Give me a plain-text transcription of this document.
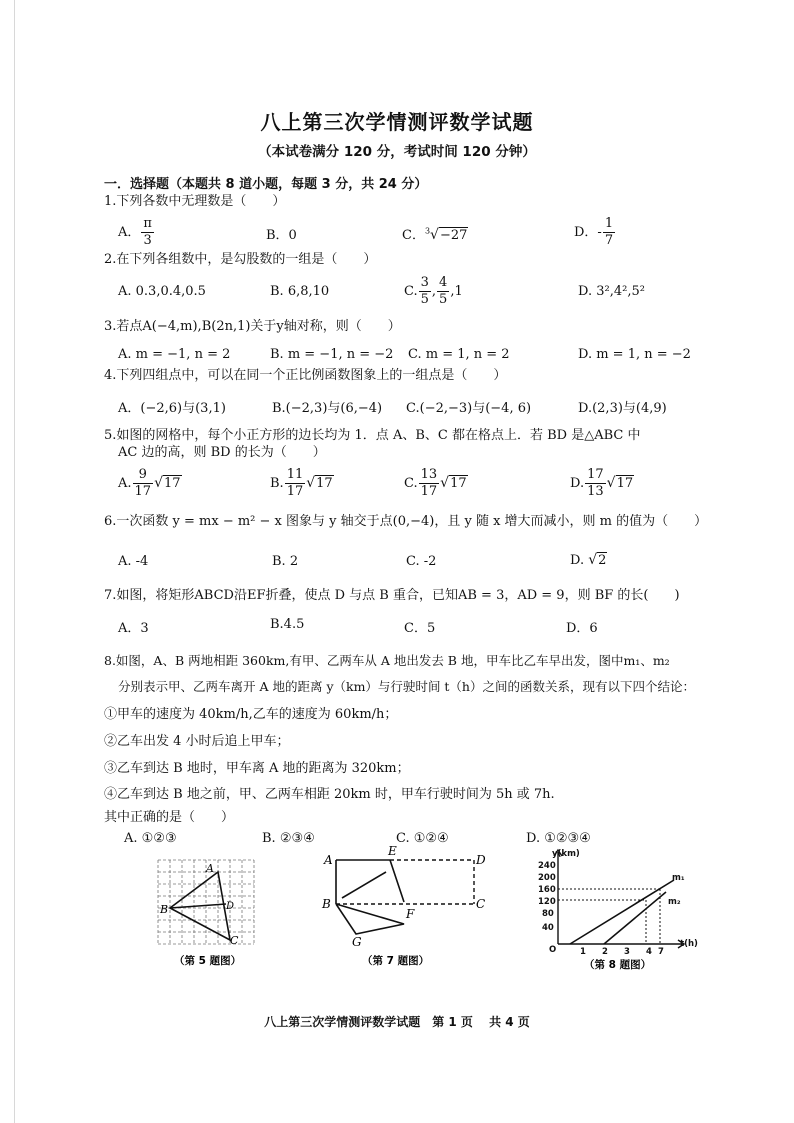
八上第三次学情测评数学试题
（本试卷满分 120 分，考试时间 120 分钟）
一．选择题（本题共 8 道小题，每题 3 分，共 24 分）
1.下列各数中无理数是（　　）
A． $\frac{\pi}{3}$	B．0	C．$^3$√−27	D．- $\frac{1}{7}$
2.在下列各组数中，是勾股数的一组是（　　）
A. 0.3,0.4,0.5	B. 6,8,10	C. $\frac{3}{5}$ , $\frac{4}{5} ,1$	D. 3²,4²,5²
3.若点A(−4,m),B(2n,1)关于y轴对称，则（　　）
A. m = −1, n = 2	B. m = −1, n = −2 C. m = 1, n = 2	D. m = 1, n = −2
4.下列四组点中，可以在同一个正比例函数图象上的一组点是（　　）
A．(−2,6)与(3,1)	B.(−2,3)与(6,−4) C.(−2,−3)与(−4, 6)	D.(2,3)与(4,9)
5.如图的网格中，每个小正方形的边长均为 1．点 A、B、C 都在格点上．若 BD 是△ABC 中
AC 边的高，则 BD 的长为（　　）
A. $\frac{9}{17} √17$	B. $\frac{11}{17} √17$	C. $\frac{13}{17} √17$	D. $\frac{17}{13} √17$
6.一次函数 y = mx − m² − x 图象与 y 轴交于点(0,−4)，且 y 随 x 增大而减小，则 m 的值为（　　）
A. -4	B. 2	C. -2	D. √2
7.如图，将矩形ABCD沿EF折叠，使点 D 与点 B 重合，已知AB = 3，AD = 9，则 BF 的长(　　)
A．3	B.4.5	C．5	D．6
8.如图，A、B 两地相距 360km,有甲、乙两车从 A 地出发去 B 地，甲车比乙车早出发，图中m₁、m₂
分别表示甲、乙两车离开 A 地的距离 y（km）与行驶时间 t（h）之间的函数关系，现有以下四个结论：
①甲车的速度为 40km/h,乙车的速度为 60km/h；
②乙车出发 4 小时后追上甲车；
③乙车到达 B 地时，甲车离 A 地的距离为 320km；
④乙车到达 B 地之前，甲、乙两车相距 20km 时，甲车行驶时间为 5h 或 7h.
其中正确的是（　　）
A. ①②③	B. ②③④	C. ①②④	D. ①②③④
A
B
C
D
（第 5 题图）
A
B	C
D
E
F
G
（第 7 题图）
y(km)
t(h)
O
240
200
160
120
80
40
1 2 3 4 7
m₁
m₂
（第 8 题图）
八上第三次学情测评数学试题　第 1 页　 共 4 页
